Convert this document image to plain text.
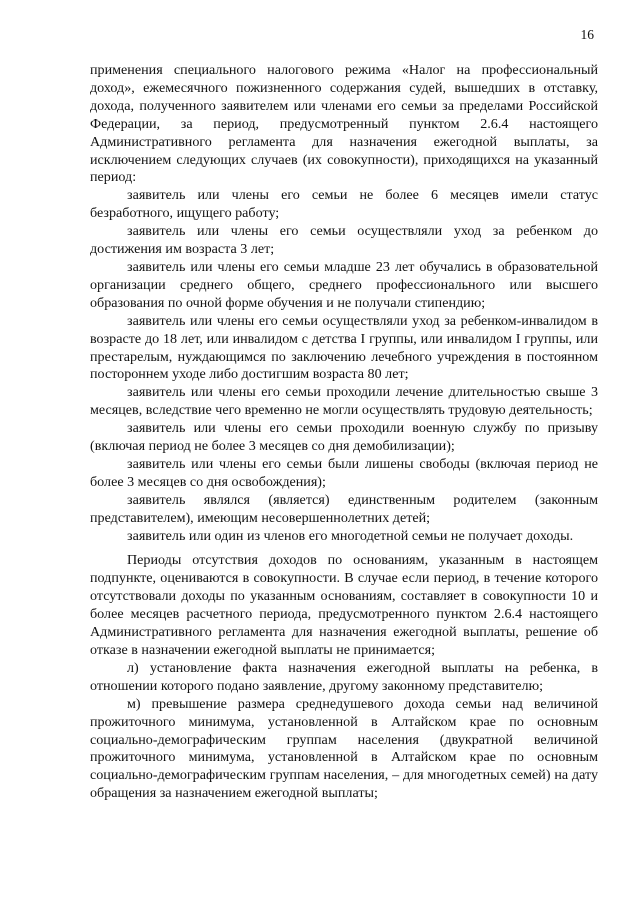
16

применения специального налогового режима «Налог на профессиональный доход», ежемесячного пожизненного содержания судей, вышедших в отставку, дохода, полученного заявителем или членами его семьи за пределами Российской Федерации, за период, предусмотренный пунктом 2.6.4 настоящего Административного регламента для назначения ежегодной выплаты, за исключением следующих случаев (их совокупности), приходящихся на указанный период:

заявитель или члены его семьи не более 6 месяцев имели статус безработного, ищущего работу;

заявитель или члены его семьи осуществляли уход за ребенком до достижения им возраста 3 лет;

заявитель или члены его семьи младше 23 лет обучались в образовательной организации среднего общего, среднего профессионального или высшего образования по очной форме обучения и не получали стипендию;

заявитель или члены его семьи осуществляли уход за ребенком-инвалидом в возрасте до 18 лет, или инвалидом с детства I группы, или инвалидом I группы, или престарелым, нуждающимся по заключению лечебного учреждения в постоянном постороннем уходе либо достигшим возраста 80 лет;

заявитель или члены его семьи проходили лечение длительностью свыше 3 месяцев, вследствие чего временно не могли осуществлять трудовую деятельность;

заявитель или члены его семьи проходили военную службу по призыву (включая период не более 3 месяцев со дня демобилизации);

заявитель или члены его семьи были лишены свободы (включая период не более 3 месяцев со дня освобождения);

заявитель являлся (является) единственным родителем (законным представителем), имеющим несовершеннолетних детей;

заявитель или один из членов его многодетной семьи не получает доходы.

Периоды отсутствия доходов по основаниям, указанным в настоящем подпункте, оцениваются в совокупности. В случае если период, в течение которого отсутствовали доходы по указанным основаниям, составляет в совокупности 10 и более месяцев расчетного периода, предусмотренного пунктом 2.6.4 настоящего Административного регламента для назначения ежегодной выплаты, решение об отказе в назначении ежегодной выплаты не принимается;

л) установление факта назначения ежегодной выплаты на ребенка, в отношении которого подано заявление, другому законному представителю;

м) превышение размера среднедушевого дохода семьи над величиной прожиточного минимума, установленной в Алтайском крае по основным социально-демографическим группам населения (двукратной величиной прожиточного минимума, установленной в Алтайском крае по основным социально-демографическим группам населения, – для многодетных семей) на дату обращения за назначением ежегодной выплаты;
